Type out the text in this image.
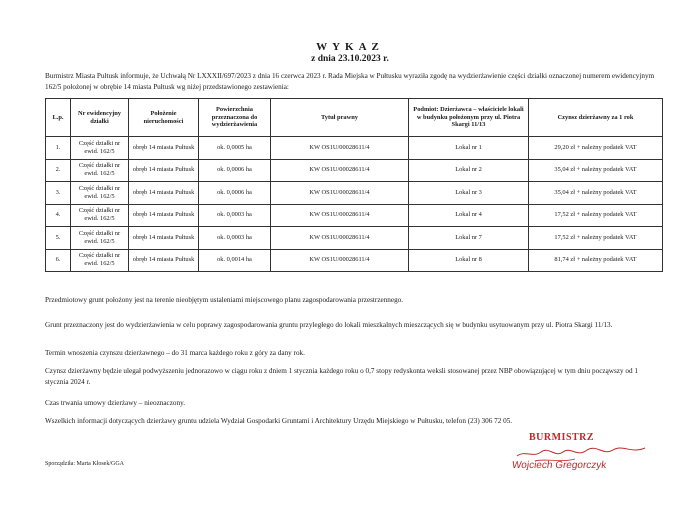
WYKAZ
z dnia 23.10.2023 r.
Burmistrz Miasta Pułtusk informuje, że Uchwałą Nr LXXXII/697/2023 z dnia 16 czerwca 2023 r. Rada Miejska w Pułtusku wyraziła zgodę na wydzierżawienie części działki oznaczonej numerem ewidencyjnym 162/5 położonej w obrębie 14 miasta Pułtusk wg niżej przedstawionego zestawienia:
L.p.	Nr ewidencyjny działki	Położenie nieruchomości	Powierzchnia przeznaczona do wydzierżawienia	Tytuł prawny	Podmiot: Dzierżawca – właściciele lokali w budynku położonym przy ul. Piotra Skargi 11/13	Czynsz dzierżawny za 1 rok
1.	Część działki nr ewid. 162/5	obręb 14 miasta Pułtusk	ok. 0,0005 ha	KW OS1U/00028611/4	Lokal nr 1	29,20 zł + należny podatek VAT
2.	Część działki nr ewid. 162/5	obręb 14 miasta Pułtusk	ok. 0,0006 ha	KW OS1U/00028611/4	Lokal nr 2	35,04 zł + należny podatek VAT
3.	Część działki nr ewid. 162/5	obręb 14 miasta Pułtusk	ok. 0,0006 ha	KW OS1U/00028611/4	Lokal nr 3	35,04 zł + należny podatek VAT
4.	Część działki nr ewid. 162/5	obręb 14 miasta Pułtusk	ok. 0,0003 ha	KW OS1U/00028611/4	Lokal nr 4	17,52 zł + należny podatek VAT
5.	Część działki nr ewid. 162/5	obręb 14 miasta Pułtusk	ok. 0,0003 ha	KW OS1U/00028611/4	Lokal nr 7	17,52 zł + należny podatek VAT
6.	Część działki nr ewid. 162/5	obręb 14 miasta Pułtusk	ok. 0,0014 ha	KW OS1U/00028611/4	Lokal nr 8	81,74 zł + należny podatek VAT
Przedmiotowy grunt położony jest na terenie nieobjętym ustaleniami miejscowego planu zagospodarowania przestrzennego.
Grunt przeznaczony jest do wydzierżawienia w celu poprawy zagospodarowania gruntu przyległego do lokali mieszkalnych mieszczących się w budynku usytuowanym przy ul. Piotra Skargi 11/13.
Termin wnoszenia czynszu dzierżawnego – do 31 marca każdego roku z góry za dany rok.
Czynsz dzierżawny będzie ulegał podwyższeniu jednorazowo w ciągu roku z dniem 1 stycznia każdego roku o 0,7 stopy redyskonta weksli stosowanej przez NBP obowiązującej w tym dniu począwszy od 1 stycznia 2024 r.
Czas trwania umowy dzierżawy – nieoznaczony.
Wszelkich informacji dotyczących dzierżawy gruntu udziela Wydział Gospodarki Gruntami i Architektury Urzędu Miejskiego w Pułtusku, telefon (23) 306 72 05.
Sporządziła: Marta Kłosek/GGA
BURMISTRZ
Wojciech Gregorczyk
